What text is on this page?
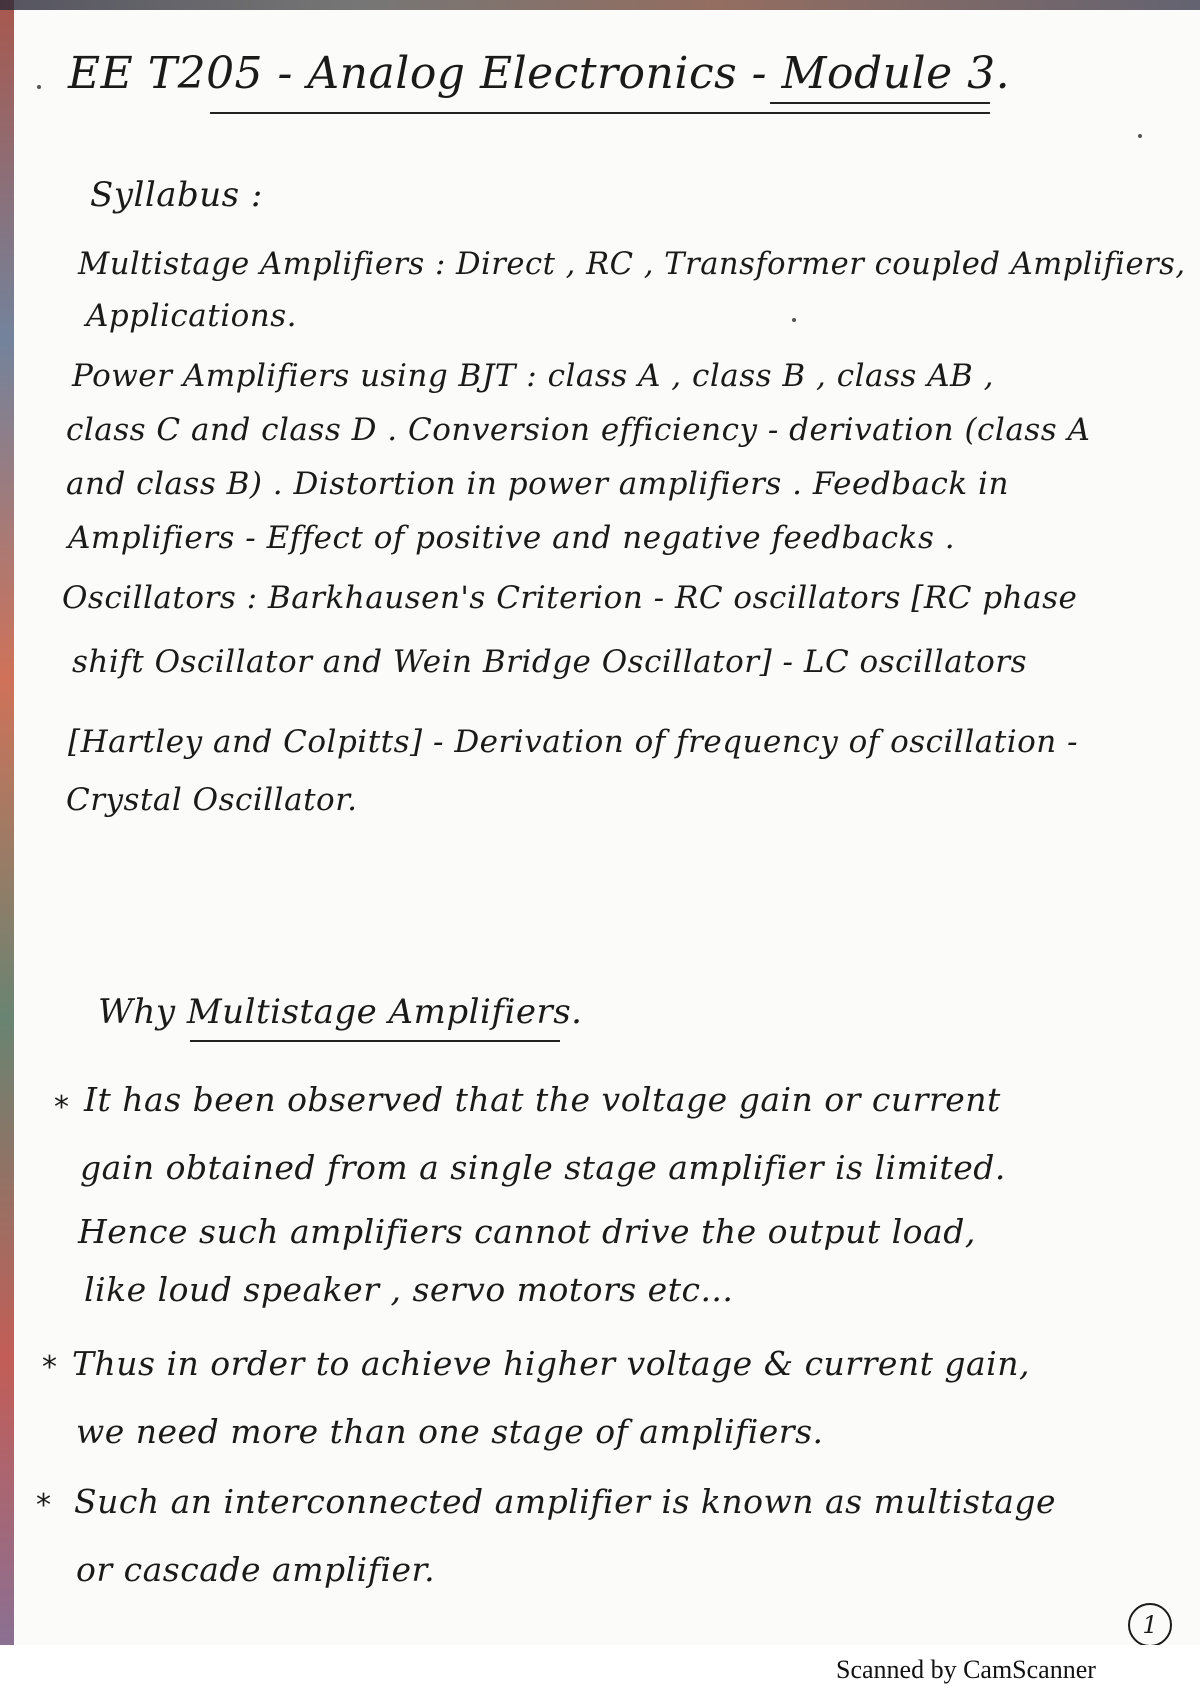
EE T205 - Analog Electronics - Module 3.
Syllabus :
Multistage Amplifiers : Direct , RC , Transformer coupled Amplifiers,
Applications.
Power Amplifiers using BJT : class A , class B , class AB ,
class C and class D . Conversion efficiency - derivation (class A
and class B) . Distortion in power amplifiers . Feedback in
Amplifiers - Effect of positive and negative feedbacks .
Oscillators : Barkhausen's Criterion - RC oscillators [RC phase
shift Oscillator and Wein Bridge Oscillator] - LC oscillators
[Hartley and Colpitts] - Derivation of frequency of oscillation -
Crystal Oscillator.
Why Multistage Amplifiers.
* It has been observed that the voltage gain or current
gain obtained from a single stage amplifier is limited.
Hence such amplifiers cannot drive the output load,
like loud speaker , servo motors etc...
* Thus in order to achieve higher voltage & current gain,
we need more than one stage of amplifiers.
* Such an interconnected amplifier is known as multistage
or cascade amplifier.
1
Scanned by CamScanner
